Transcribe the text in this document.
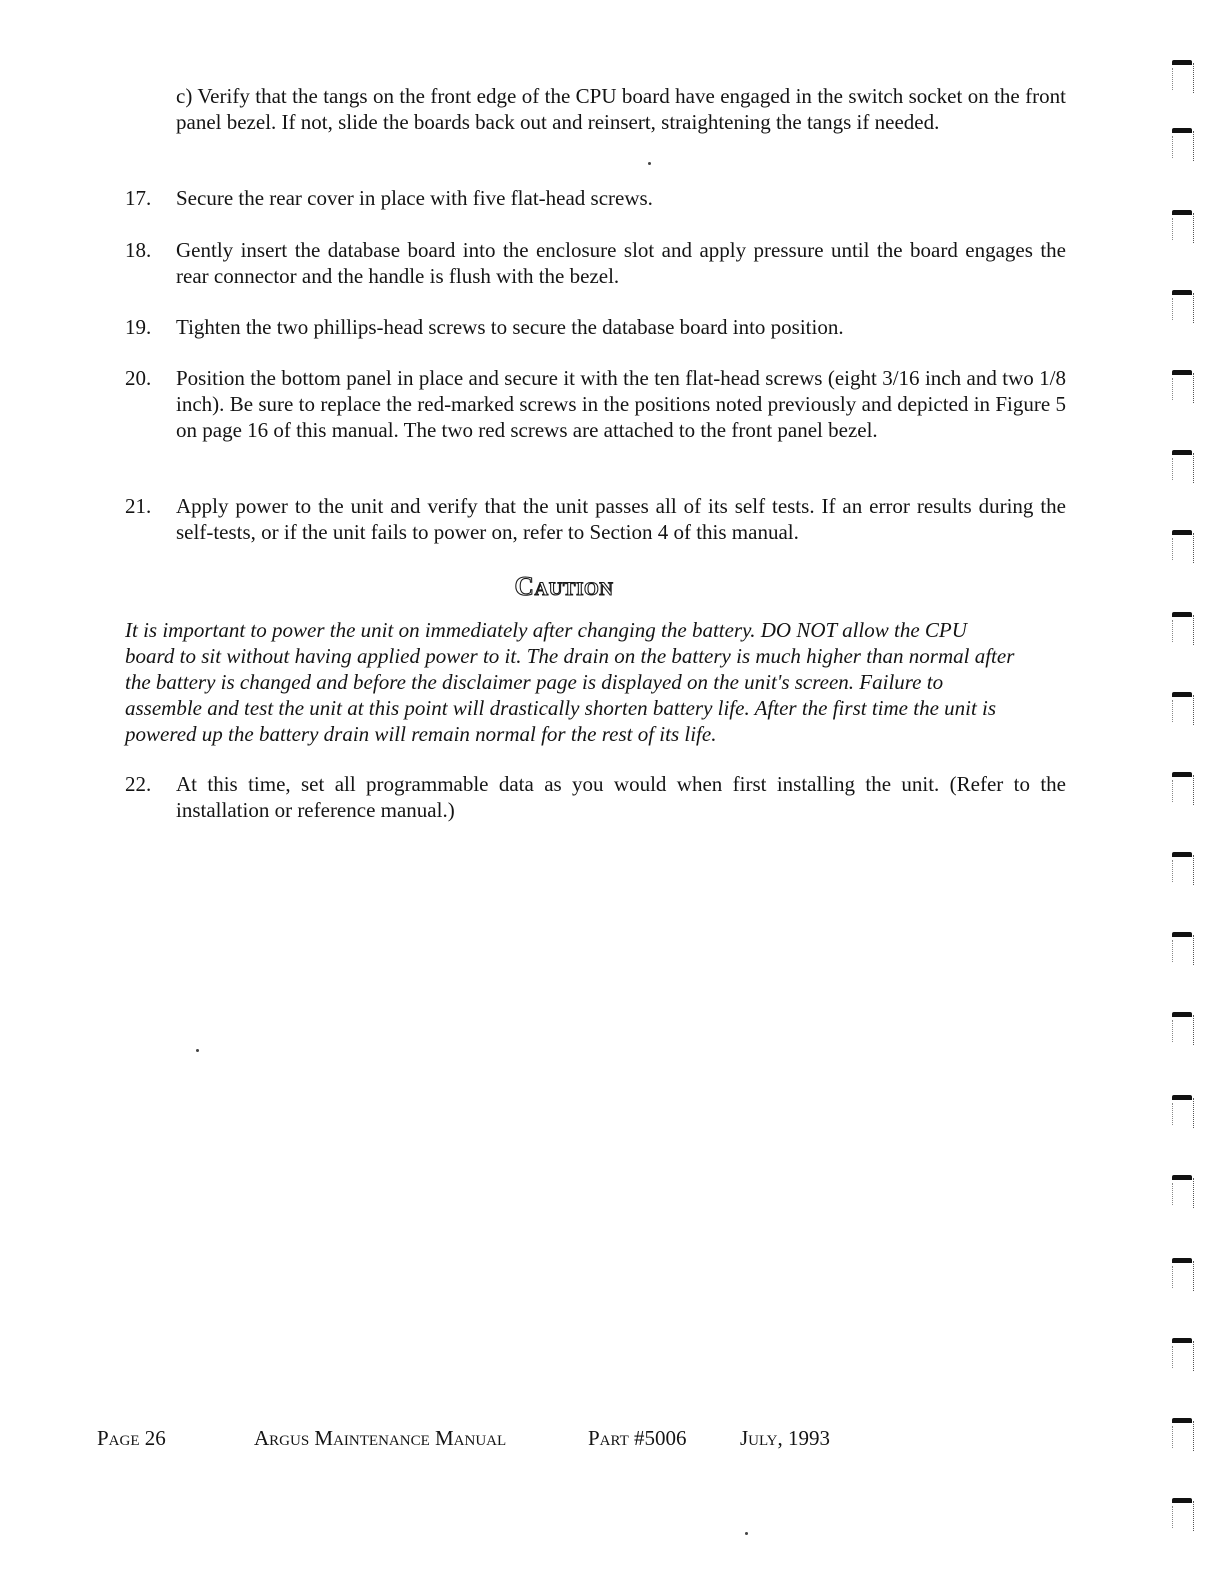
c) Verify that the tangs on the front edge of the CPU board have engaged in the switch socket on the front panel bezel. If not, slide the boards back out and reinsert, straightening the tangs if needed.

17.	Secure the rear cover in place with five flat-head screws.
18.	Gently insert the database board into the enclosure slot and apply pressure until the board engages the rear connector and the handle is flush with the bezel.
19.	Tighten the two phillips-head screws to secure the database board into position.
20.	Position the bottom panel in place and secure it with the ten flat-head screws (eight 3/16 inch and two 1/8 inch). Be sure to replace the red-marked screws in the positions noted previously and depicted in Figure 5 on page 16 of this manual. The two red screws are attached to the front panel bezel.
21.	Apply power to the unit and verify that the unit passes all of its self tests. If an error results during the self-tests, or if the unit fails to power on, refer to Section 4 of this manual.
Caution

It is important to power the unit on immediately after changing the battery. DO NOT allow the CPU board to sit without having applied power to it. The drain on the battery is much higher than normal after the battery is changed and before the disclaimer page is displayed on the unit's screen. Failure to assemble and test the unit at this point will drastically shorten battery life. After the first time the unit is powered up the battery drain will remain normal for the rest of its life.

22.	At this time, set all programmable data as you would when first installing the unit. (Refer to the installation or reference manual.)
Page 26	Argus Maintenance Manual	Part #5006	July, 1993
